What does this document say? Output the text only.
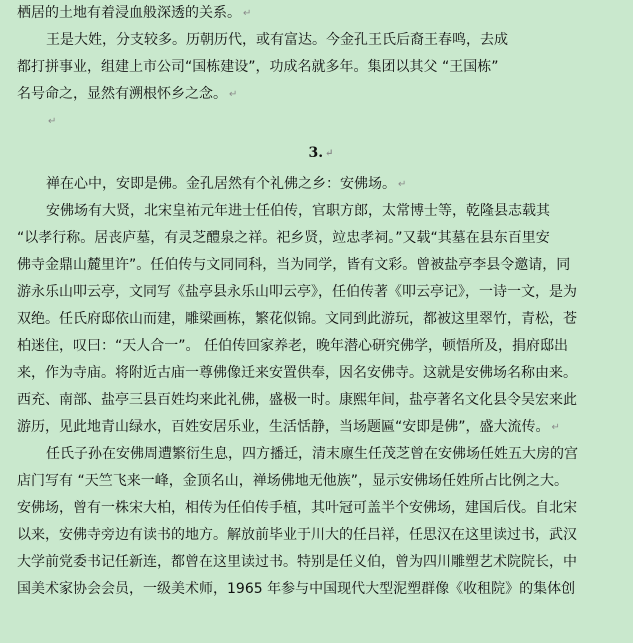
栖居的土地有着浸血般深透的关系。 ↵
王是大姓，分支较多。历朝历代，或有富达。今金孔王氏后裔王春鸣，去成
都打拼事业，组建上市公司“国栋建设”，功成名就多年。集团以其父 “王国栋”
名号命之，显然有溯根怀乡之念。 ↵
↵
3. ↵
禅在心中，安即是佛。金孔居然有个礼佛之乡：安佛场。 ↵
安佛场有大贤，北宋皇祐元年进士任伯传，官职方郎，太常博士等，乾隆县志载其
“以孝行称。居丧庐墓，有灵芝醴泉之祥。祀乡贤，竝忠孝祠。”又载“其墓在县东百里安
佛寺金鼎山麓里许”。任伯传与文同同科，当为同学，皆有文彩。曾被盐亭李县令邀请，同
游永乐山叩云亭，文同写《盐亭县永乐山叩云亭》，任伯传著《叩云亭记》，一诗一文，是为
双绝。任氏府邸依山而建，雕梁画栋，繁花似锦。文同到此游玩，都被这里翠竹，青松，苍
柏迷住，叹曰：“天人合一”。 任伯传回家养老，晚年潜心研究佛学，顿悟所及，捐府邸出
来，作为寺庙。将附近古庙一尊佛像迁来安置供奉，因名安佛寺。这就是安佛场名称由来。
西充、南部、盐亭三县百姓均来此礼佛，盛极一时。康熙年间，盐亭著名文化县令吴宏来此
游历，见此地青山绿水，百姓安居乐业，生活恬静，当场题匾“安即是佛”，盛大流传。 ↵
任氏子孙在安佛周遭繁衍生息，四方播迁，清末廪生任茂芝曾在安佛场任姓五大房的宫
店门写有 “天竺飞来一峰，金顶名山，禅场佛地无他族”，显示安佛场任姓所占比例之大。
安佛场，曾有一株宋大柏，相传为任伯传手植，其叶冠可盖半个安佛场，建国后伐。自北宋
以来，安佛寺旁边有读书的地方。解放前毕业于川大的任吕祥，任思汉在这里读过书，武汉
大学前党委书记任新连，都曾在这里读过书。特别是任义伯，曾为四川雕塑艺术院院长，中
国美术家协会会员，一级美术师，1965 年参与中国现代大型泥塑群像《收租院》的集体创
